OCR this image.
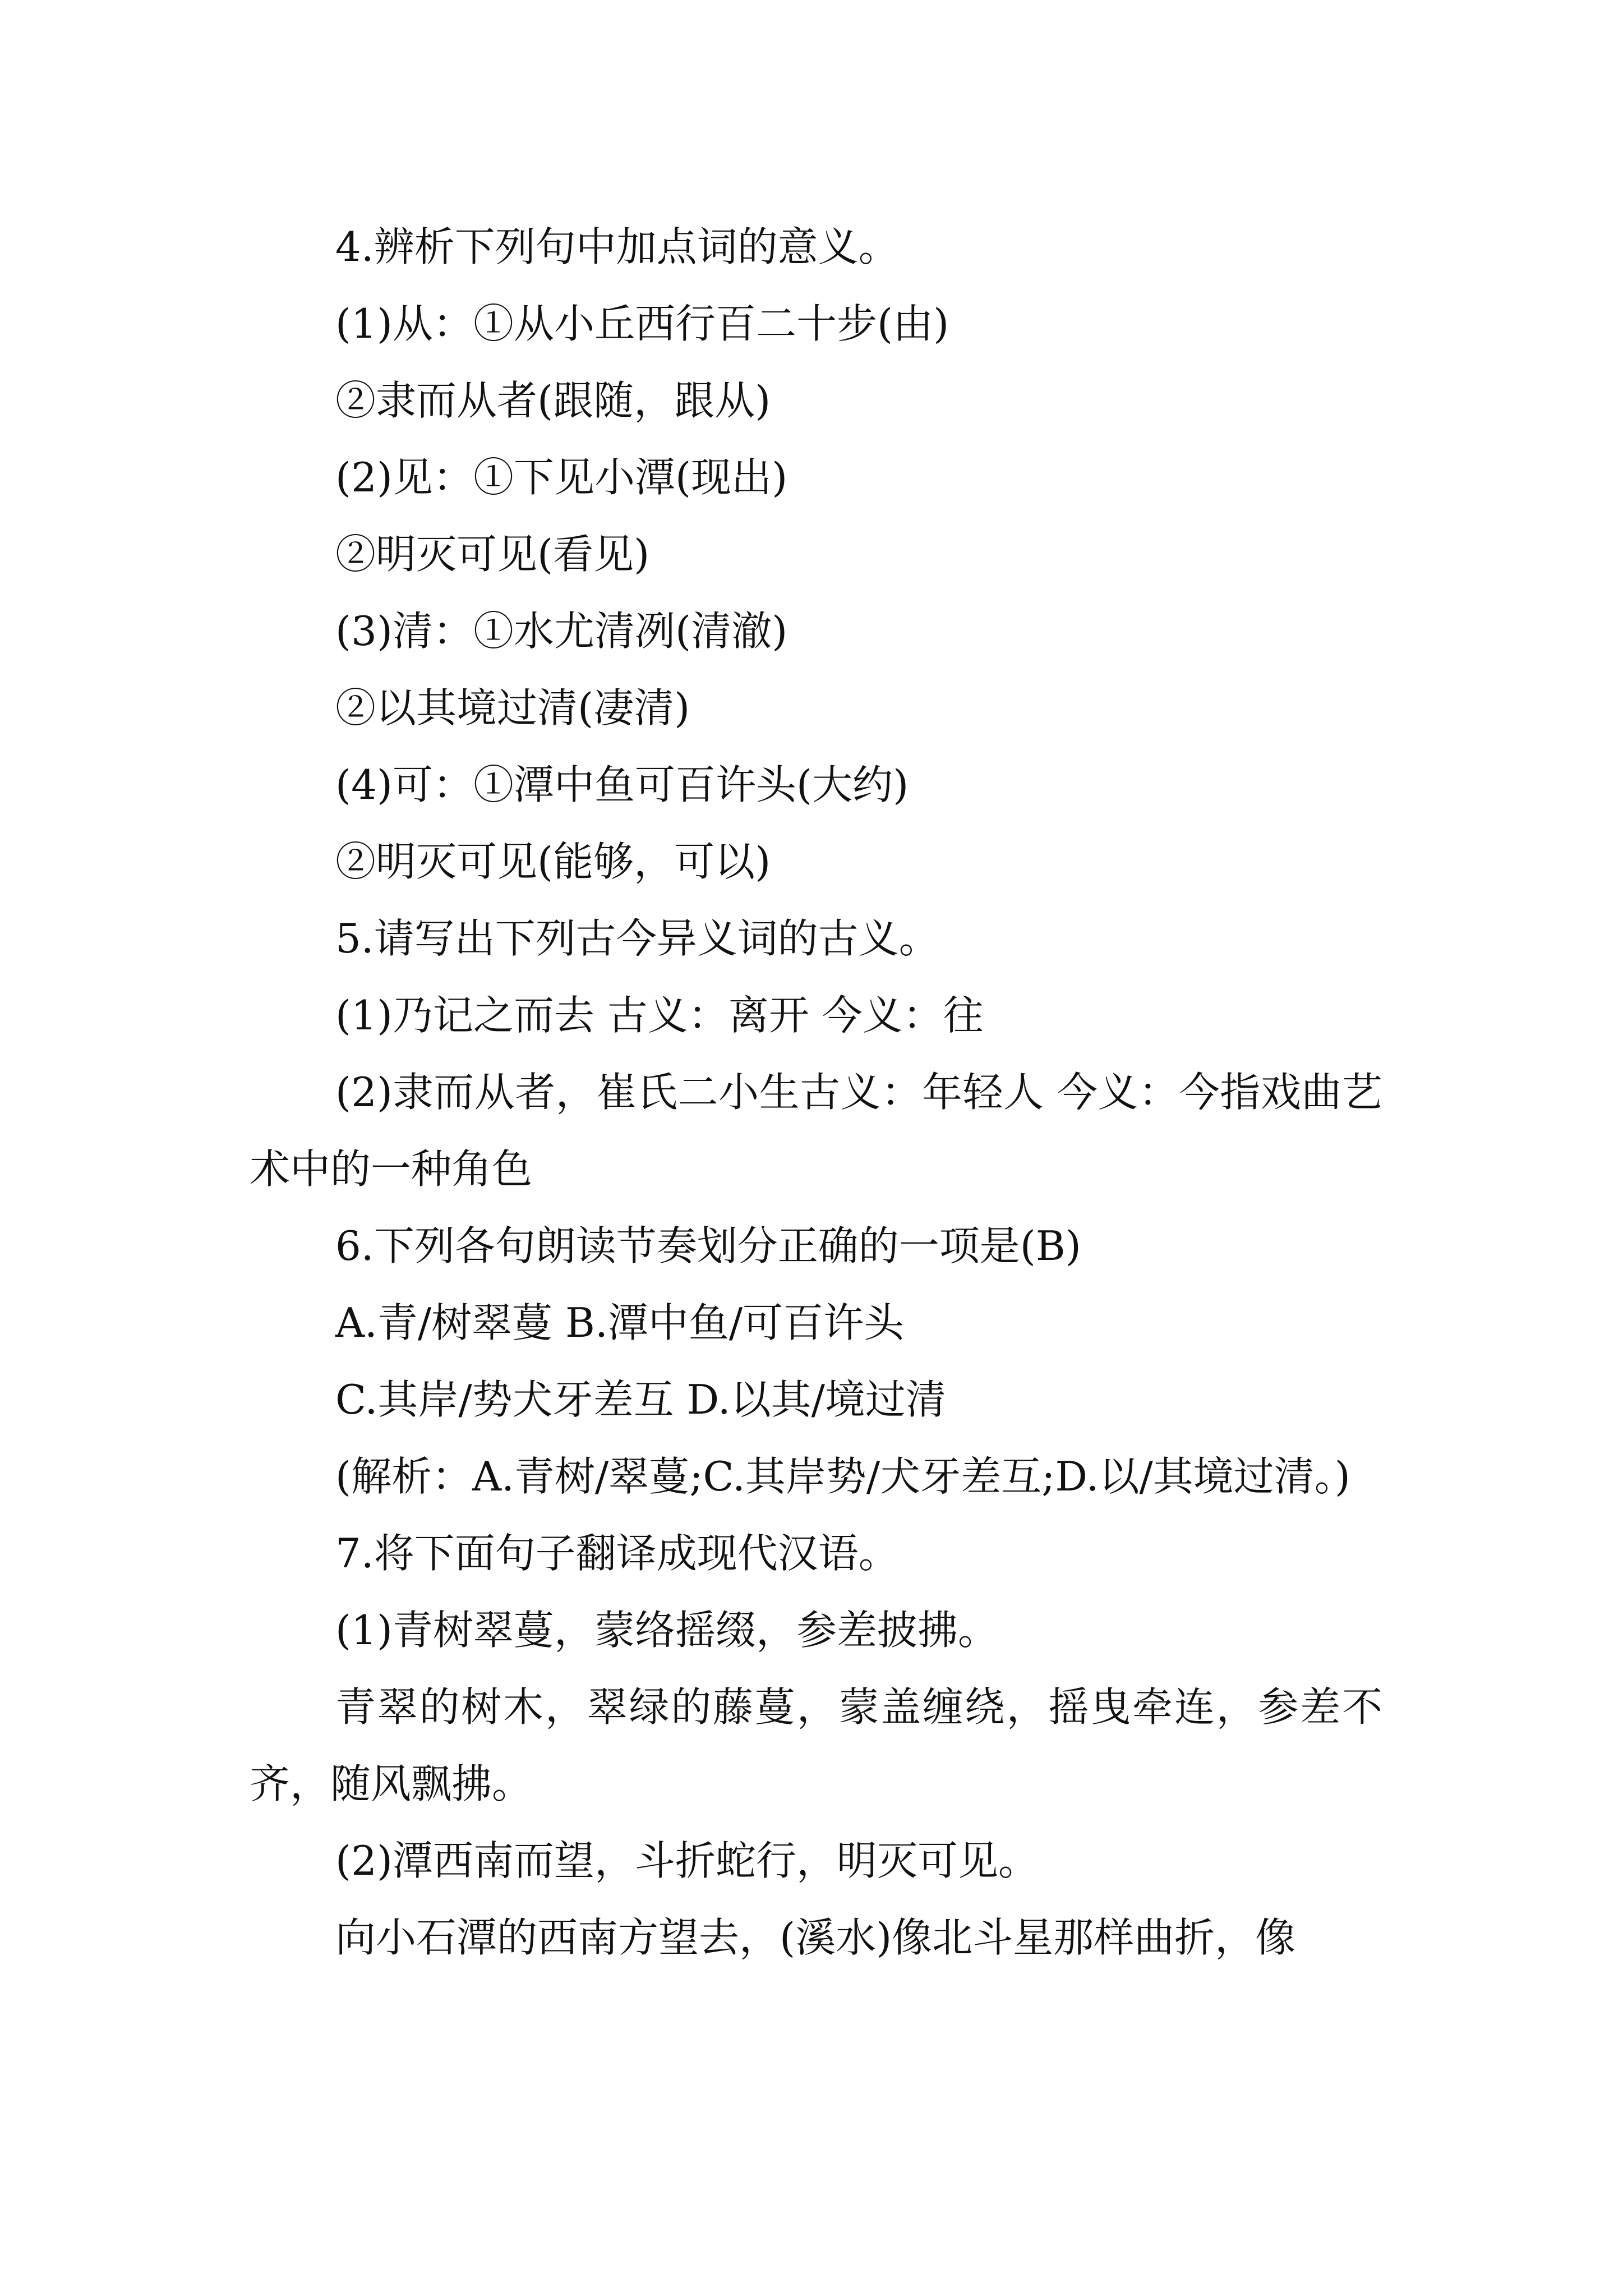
4.辨析下列句中加点词的意义。

(1)从：①从小丘西行百二十步(由)

②隶而从者(跟随，跟从)

(2)见：①下见小潭(现出)

②明灭可见(看见)

(3)清：①水尤清冽(清澈)

②以其境过清(凄清)

(4)可：①潭中鱼可百许头(大约)

②明灭可见(能够，可以)

5.请写出下列古今异义词的古义。

(1)乃记之而去 古义：离开 今义：往

(2)隶而从者，崔氏二小生古义：年轻人 今义：今指戏曲艺术中的一种角色

6.下列各句朗读节奏划分正确的一项是(B)

A.青/树翠蔓 B.潭中鱼/可百许头

C.其岸/势犬牙差互 D.以其/境过清

(解析：A.青树/翠蔓;C.其岸势/犬牙差互;D.以/其境过清。)

7.将下面句子翻译成现代汉语。

(1)青树翠蔓，蒙络摇缀，参差披拂。

青翠的树木，翠绿的藤蔓，蒙盖缠绕，摇曳牵连，参差不齐，随风飘拂。

(2)潭西南而望，斗折蛇行，明灭可见。

向小石潭的西南方望去，(溪水)像北斗星那样曲折，像
